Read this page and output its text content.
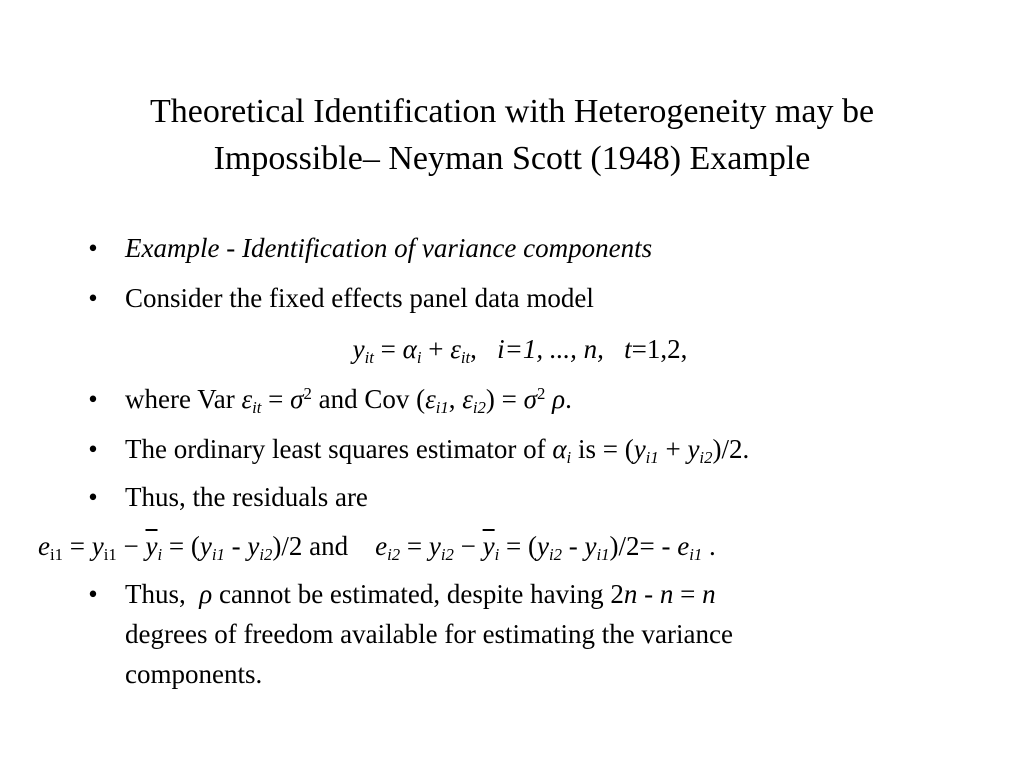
Theoretical Identification with Heterogeneity may be
Impossible– Neyman Scott (1948) Example
• Example - Identification of variance components
• Consider the fixed effects panel data model
$y_{it} = \alpha_i + \varepsilon_{it}$, i=1, ..., n, t=1,2,
• where Var $\varepsilon_{it} = \sigma^2$ and Cov ($\varepsilon_{i1}$, $\varepsilon_{i2}) = \sigma^2$ ρ.
• The ordinary least squares estimator of $\alpha_i$ is = $(y_{i1} + y_{i2})/2$.
• Thus, the residuals are
$e_{i1} = y_{i1} - \overline{y}_i = (y_{i1} - y_{i2})/2$ and    $e_{i2} = y_{i2} - \overline{y}_i = (y_{i2} - y_{i1})/2= - e_{i1}$ .
• Thus,  ρ cannot be estimated, despite having 2n - n = n
degrees of freedom available for estimating the variance
components.
